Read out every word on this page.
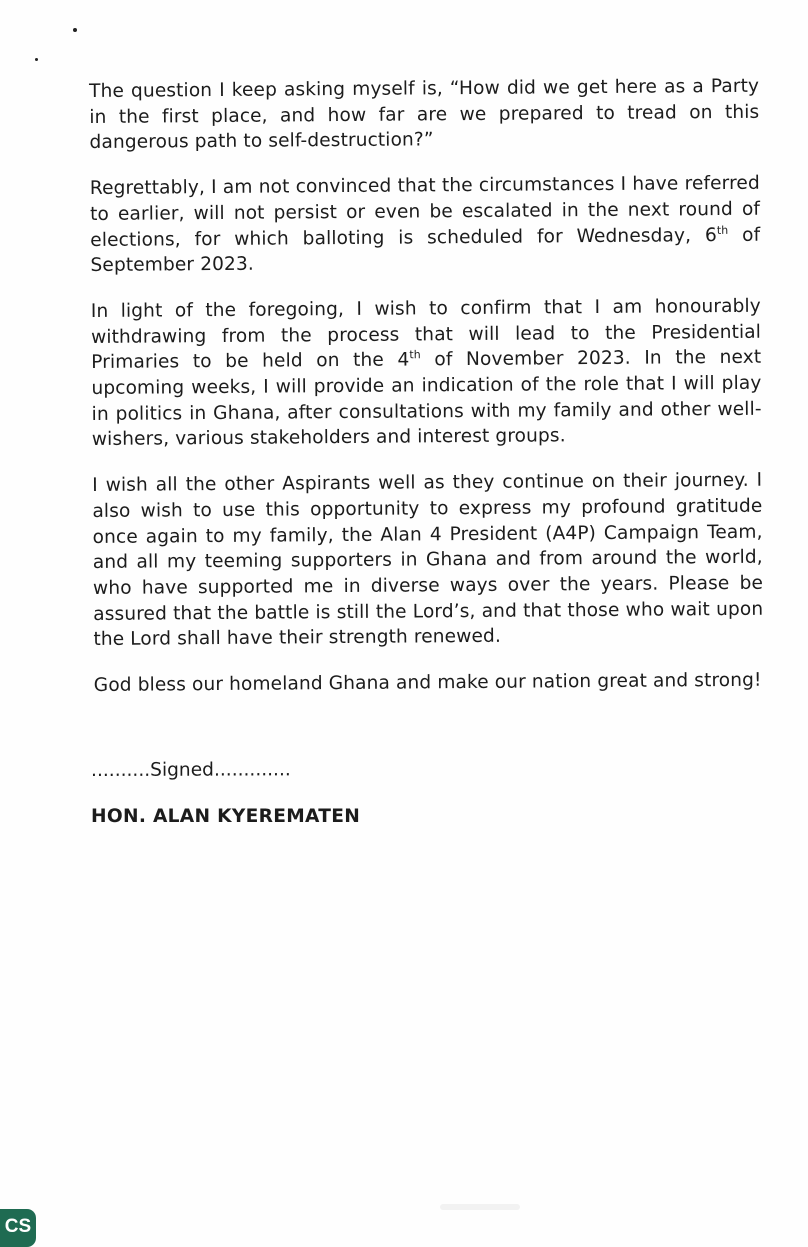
The question I keep asking myself is, “How did we get here as a Party in the first place, and how far are we prepared to tread on this dangerous path to self-destruction?”

Regrettably, I am not convinced that the circumstances I have referred to earlier, will not persist or even be escalated in the next round of elections, for which balloting is scheduled for Wednesday, 6th of September 2023.

In light of the foregoing, I wish to confirm that I am honourably withdrawing from the process that will lead to the Presidential Primaries to be held on the 4th of November 2023. In the next upcoming weeks, I will provide an indication of the role that I will play in politics in Ghana, after consultations with my family and other well-wishers, various stakeholders and interest groups.

I wish all the other Aspirants well as they continue on their journey. I also wish to use this opportunity to express my profound gratitude once again to my family, the Alan 4 President (A4P) Campaign Team, and all my teeming supporters in Ghana and from around the world, who have supported me in diverse ways over the years. Please be assured that the battle is still the Lord’s, and that those who wait upon the Lord shall have their strength renewed.

God bless our homeland Ghana and make our nation great and strong!

..........Signed.............
HON. ALAN KYEREMATEN
CS
